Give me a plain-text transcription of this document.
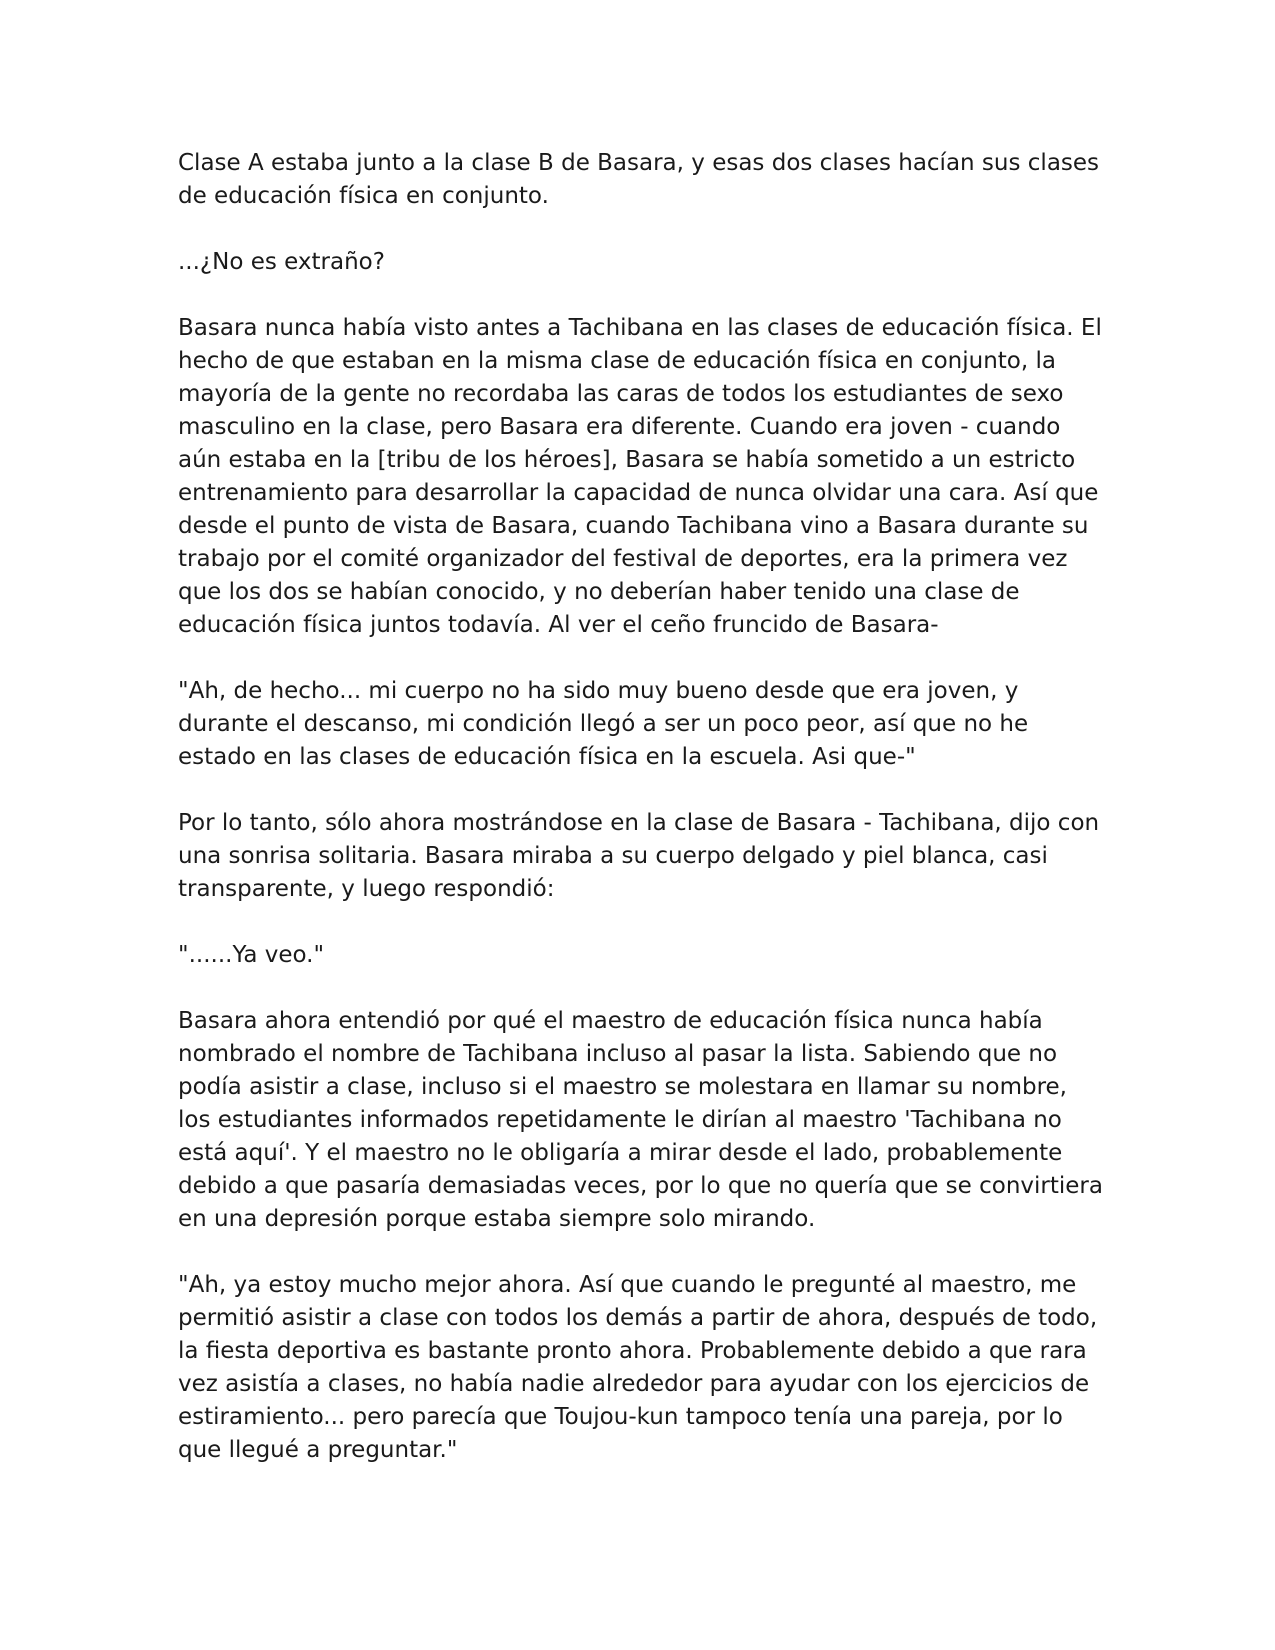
Clase A estaba junto a la clase B de Basara, y esas dos clases hacían sus clases de educación física en conjunto.

...¿No es extraño?

Basara nunca había visto antes a Tachibana en las clases de educación física. El hecho de que estaban en la misma clase de educación física en conjunto, la mayoría de la gente no recordaba las caras de todos los estudiantes de sexo masculino en la clase, pero Basara era diferente. Cuando era joven - cuando aún estaba en la [tribu de los héroes], Basara se había sometido a un estricto entrenamiento para desarrollar la capacidad de nunca olvidar una cara. Así que desde el punto de vista de Basara, cuando Tachibana vino a Basara durante su trabajo por el comité organizador del festival de deportes, era la primera vez que los dos se habían conocido, y no deberían haber tenido una clase de educación física juntos todavía. Al ver el ceño fruncido de Basara-

"Ah, de hecho... mi cuerpo no ha sido muy bueno desde que era joven, y durante el descanso, mi condición llegó a ser un poco peor, así que no he estado en las clases de educación física en la escuela. Asi que-"

Por lo tanto, sólo ahora mostrándose en la clase de Basara - Tachibana, dijo con una sonrisa solitaria. Basara miraba a su cuerpo delgado y piel blanca, casi transparente, y luego respondió:

"......Ya veo."

Basara ahora entendió por qué el maestro de educación física nunca había nombrado el nombre de Tachibana incluso al pasar la lista. Sabiendo que no podía asistir a clase, incluso si el maestro se molestara en llamar su nombre, los estudiantes informados repetidamente le dirían al maestro 'Tachibana no está aquí'. Y el maestro no le obligaría a mirar desde el lado, probablemente debido a que pasaría demasiadas veces, por lo que no quería que se convirtiera en una depresión porque estaba siempre solo mirando.

"Ah, ya estoy mucho mejor ahora. Así que cuando le pregunté al maestro, me permitió asistir a clase con todos los demás a partir de ahora, después de todo, la fiesta deportiva es bastante pronto ahora. Probablemente debido a que rara vez asistía a clases, no había nadie alrededor para ayudar con los ejercicios de estiramiento... pero parecía que Toujou-kun tampoco tenía una pareja, por lo que llegué a preguntar."
